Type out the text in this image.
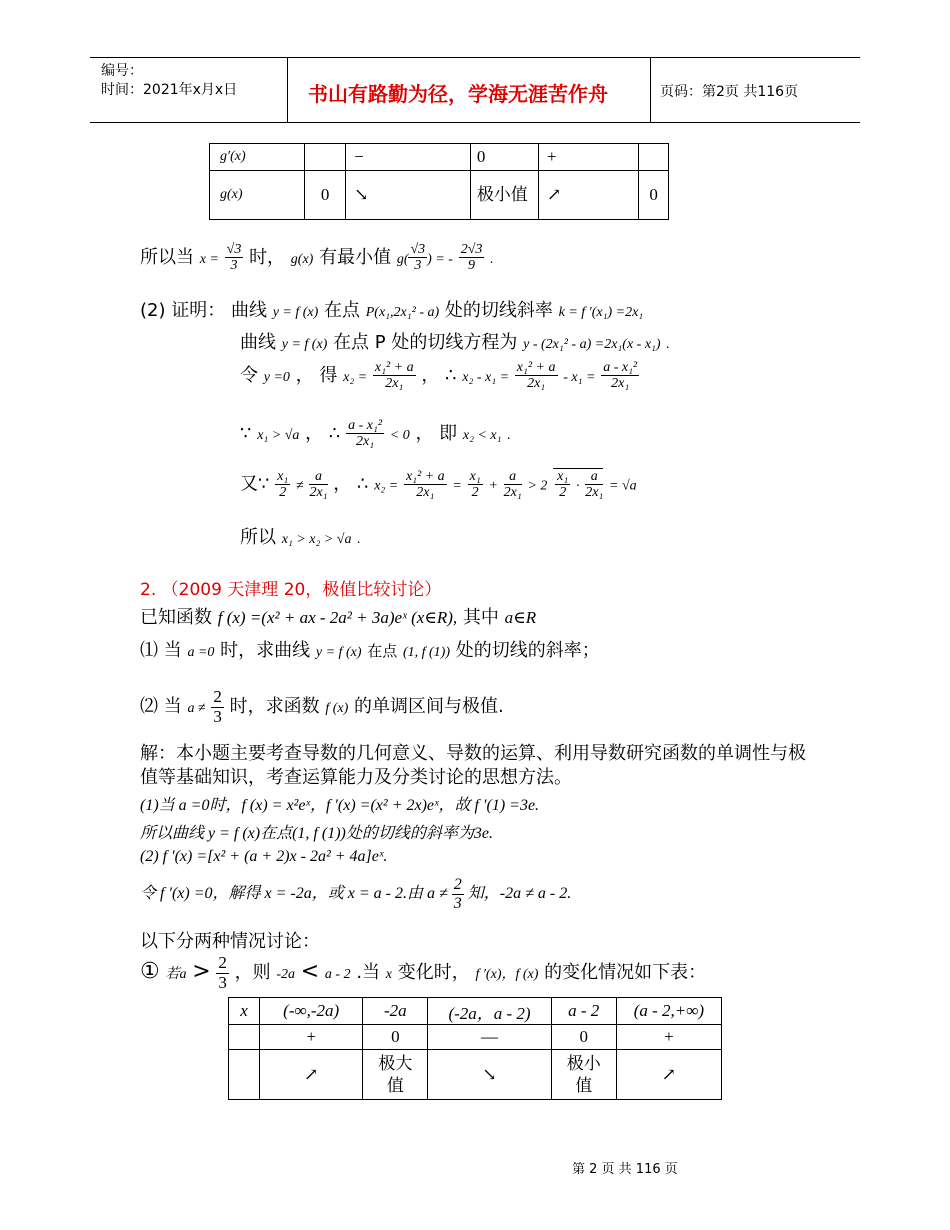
编号：
时间：2021年x月x日	书山有路勤为径，学海无涯苦作舟	页码：第2页 共116页
g′(x)		−	0	+	
g(x)	0	↘	极小值	↗	0
所以当 $x = \frac{√3}{3}$ 时， g(x) 有最小值 $g( \frac{√3}{3}$ ) = - $\frac{2√3}{9}$ .
(2) 证明： 曲线 y = f (x) 在点 P(x₁,2x₁² - a) 处的切线斜率 k = f ′(x₁) =2x₁
曲线 y = f (x) 在点 P 处的切线方程为 y - (2x₁² - a) =2x₁(x - x₁) .
令 y =0 ， 得 $x_2 = \frac{\text{x₁² + a}}{\text{2x₁}}$ ， ∴ $x_2 - x_1 = \frac{\text{x₁² + a}}{\text{2x₁}} - x_1 = \frac{\text{a - x₁²}}{\text{2x₁}}$
∵ x₁ > √a ， ∴ $\frac{\text{a - x₁²}}{\text{2x₁}} < 0$ ， 即 x₂ < x₁ .
又∵ $\frac{\text{x₁}}{2} \ne \frac{a}{\text{2x₁}}$ ， ∴ $x_2 = \frac{\text{x₁² + a}}{\text{2x₁}} = \frac{\text{x₁}}{2} + \frac{a}{\text{2x₁}} > 2 \frac{\text{x₁}}{2} \cdot \frac{a}{\text{2x₁}} = √a$
所以 x₁ > x₂ > √a .
2. （2009 天津理 20，极值比较讨论）
已知函数 f (x) =(x² + ax - 2a² + 3a)eˣ (x∈R), 其中 a∈R
⑴ 当 a =0 时，求曲线 y = f (x) 在点 (1, f (1)) 处的切线的斜率；
⑵ 当 $a \ne \frac{2}{3}$ 时，求函数 f (x) 的单调区间与极值.
解：本小题主要考查导数的几何意义、导数的运算、利用导数研究函数的单调性与极值等基础知识，考查运算能力及分类讨论的思想方法。
(1)当 a =0时，f (x) = x²eˣ，f ′(x) =(x² + 2x)eˣ，故 f ′(1) =3e.
所以曲线 y = f (x)在点(1, f (1))处的切线的斜率为3e.
(2) f ′(x) =[x² + (a + 2)x - 2a² + 4a]eˣ.
令 f ′(x) =0，解得 x = -2a，或 x = a - 2.由 $a \ne \frac{2}{3}$ 知，-2a ≠ a - 2.
以下分两种情况讨论：
① 若$a > \frac{2}{3}$ ，则 -2a < a - 2 .当 x 变化时， f ′(x)，f (x) 的变化情况如下表：
x	(-∞,-2a)	-2a	(-2a，a - 2)	a - 2	(a - 2,+∞)
	+	0	—	0	+
	↗	极大值	↘	极小值	↗
第 2 页 共 116 页
